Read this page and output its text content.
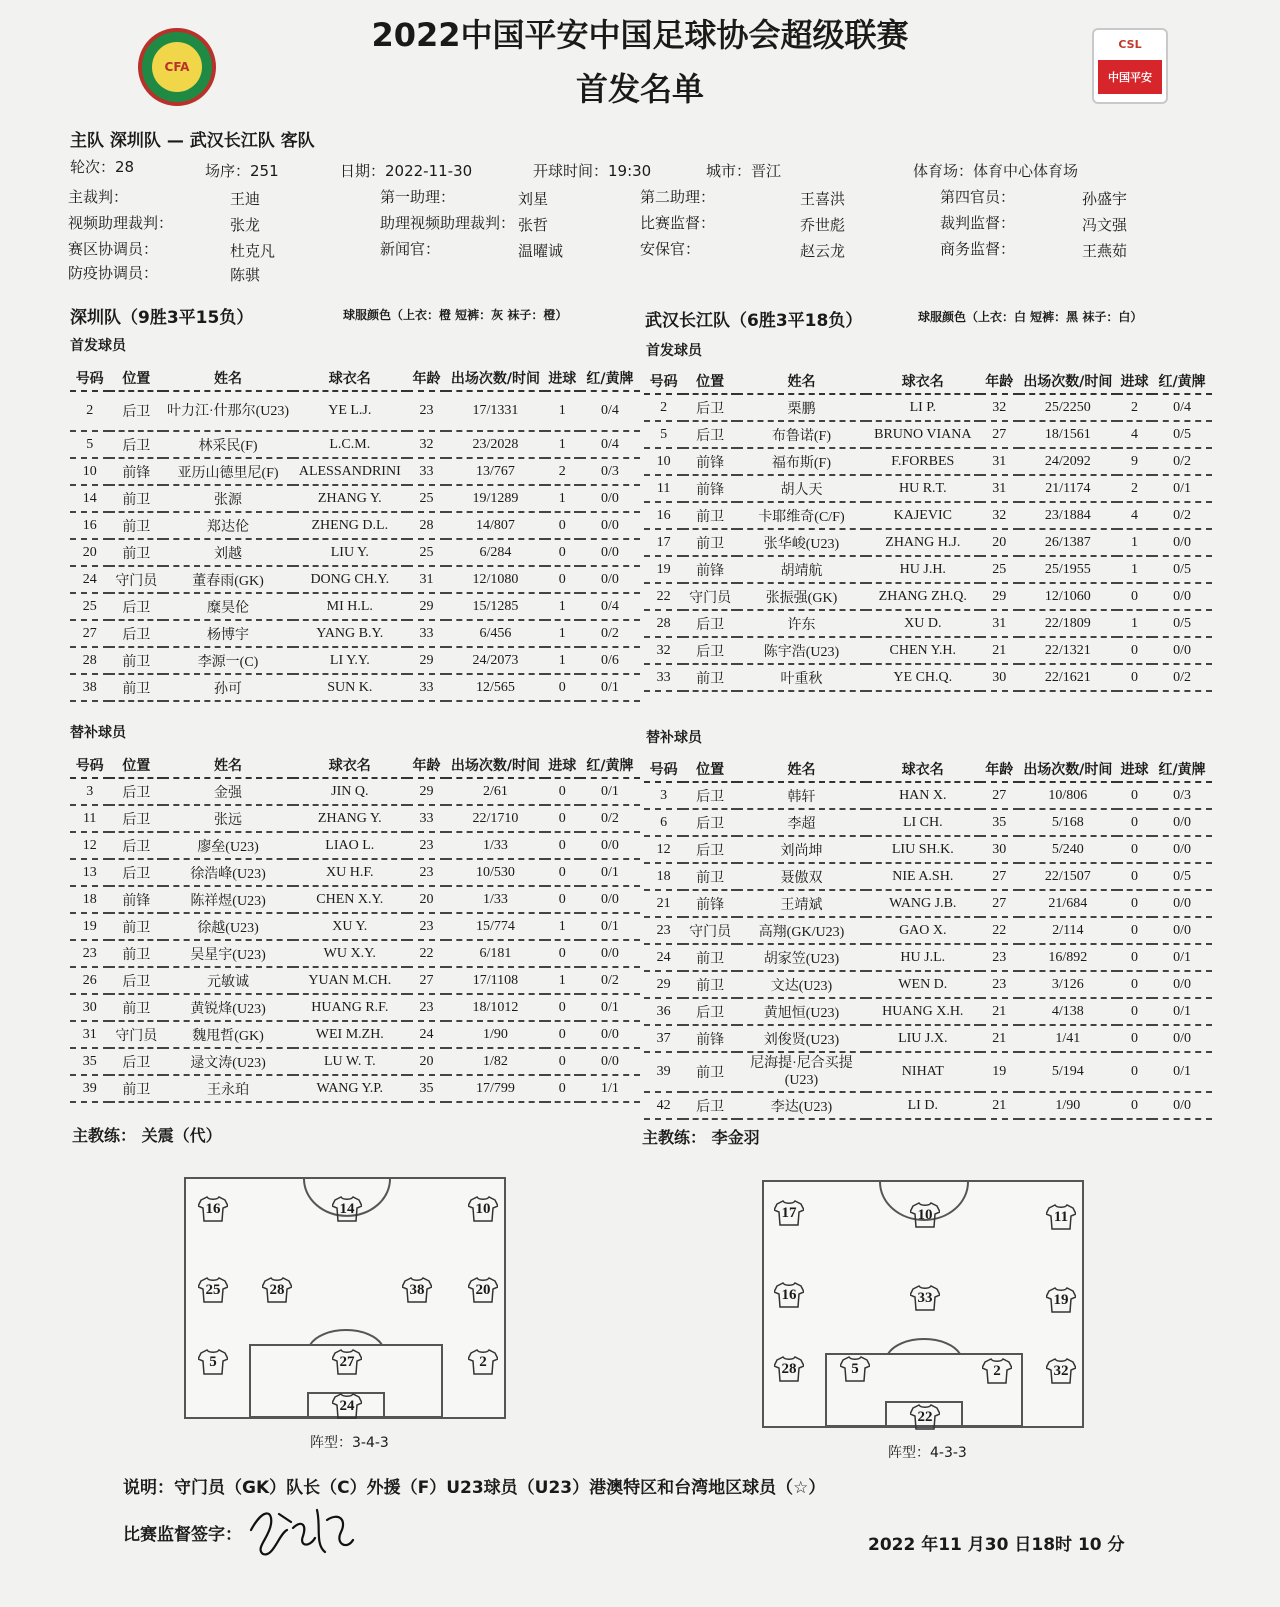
2022中国平安中国足球协会超级联赛
首发名单
CFA
CSL
中国平安
主队 深圳队 — 武汉长江队 客队
轮次：28	场序：251	日期：2022-11-30	开球时间：19:30	城市：晋江	体育场：体育中心体育场
主裁判：	王迪	第一助理：	刘星	第二助理：	王喜洪	第四官员：	孙盛宇
视频助理裁判：	张龙	助理视频助理裁判： 张哲	比赛监督：	乔世彪	裁判监督：	冯文强
赛区协调员：	杜克凡	新闻官：	温曜诚	安保官：	赵云龙	商务监督：	王燕茹
防疫协调员：	陈骐
深圳队（9胜3平15负）	球服颜色（上衣：橙 短裤：灰 袜子：橙）	武汉长江队（6胜3平18负）	球服颜色（上衣：白 短裤：黑 袜子：白）
首发球员	首发球员
号码	位置	姓名	球衣名	年龄	出场次数/时间	进球	红/黄牌
2	后卫	叶力江·什那尔(U23)	YE L.J.	23	17/1331	1	0/4
5	后卫	林采民(F)	L.C.M.	32	23/2028	1	0/4
10	前锋	亚历山德里尼(F)	ALESSANDRINI	33	13/767	2	0/3
14	前卫	张源	ZHANG Y.	25	19/1289	1	0/0
16	前卫	郑达伦	ZHENG D.L.	28	14/807	0	0/0
20	前卫	刘越	LIU Y.	25	6/284	0	0/0
24	守门员	董春雨(GK)	DONG CH.Y.	31	12/1080	0	0/0
25	后卫	糜昊伦	MI H.L.	29	15/1285	1	0/4
27	后卫	杨博宇	YANG B.Y.	33	6/456	1	0/2
28	前卫	李源一(C)	LI Y.Y.	29	24/2073	1	0/6
38	前卫	孙可	SUN K.	33	12/565	0	0/1
号码	位置	姓名	球衣名	年龄	出场次数/时间	进球	红/黄牌
2	后卫	栗鹏	LI P.	32	25/2250	2	0/4
5	后卫	布鲁诺(F)	BRUNO VIANA	27	18/1561	4	0/5
10	前锋	福布斯(F)	F.FORBES	31	24/2092	9	0/2
11	前锋	胡人天	HU R.T.	31	21/1174	2	0/1
16	前卫	卡耶维奇(C/F)	KAJEVIC	32	23/1884	4	0/2
17	前卫	张华峻(U23)	ZHANG H.J.	20	26/1387	1	0/0
19	前锋	胡靖航	HU J.H.	25	25/1955	1	0/5
22	守门员	张振强(GK)	ZHANG ZH.Q.	29	12/1060	0	0/0
28	后卫	许东	XU D.	31	22/1809	1	0/5
32	后卫	陈宇浩(U23)	CHEN Y.H.	21	22/1321	0	0/0
33	前卫	叶重秋	YE CH.Q.	30	22/1621	0	0/2
替补球员	替补球员
号码	位置	姓名	球衣名	年龄	出场次数/时间	进球	红/黄牌
3	后卫	金强	JIN Q.	29	2/61	0	0/1
11	后卫	张远	ZHANG Y.	33	22/1710	0	0/2
12	后卫	廖垒(U23)	LIAO L.	23	1/33	0	0/0
13	后卫	徐浩峰(U23)	XU H.F.	23	10/530	0	0/1
18	前锋	陈祥煜(U23)	CHEN X.Y.	20	1/33	0	0/0
19	前卫	徐越(U23)	XU Y.	23	15/774	1	0/1
23	前卫	吴星宇(U23)	WU X.Y.	22	6/181	0	0/0
26	后卫	元敏诚	YUAN M.CH.	27	17/1108	1	0/2
30	前卫	黄锐烽(U23)	HUANG R.F.	23	18/1012	0	0/1
31	守门员	魏甩哲(GK)	WEI M.ZH.	24	1/90	0	0/0
35	后卫	逯文涛(U23)	LU W. T.	20	1/82	0	0/0
39	前卫	王永珀	WANG Y.P.	35	17/799	0	1/1
号码	位置	姓名	球衣名	年龄	出场次数/时间	进球	红/黄牌
3	后卫	韩轩	HAN X.	27	10/806	0	0/3
6	后卫	李超	LI CH.	35	5/168	0	0/0
12	后卫	刘尚坤	LIU SH.K.	30	5/240	0	0/0
18	前卫	聂傲双	NIE A.SH.	27	22/1507	0	0/5
21	前锋	王靖斌	WANG J.B.	27	21/684	0	0/0
23	守门员	高翔(GK/U23)	GAO X.	22	2/114	0	0/0
24	前卫	胡家笠(U23)	HU J.L.	23	16/892	0	0/1
29	前卫	文达(U23)	WEN D.	23	3/126	0	0/0
36	后卫	黄旭恒(U23)	HUANG X.H.	21	4/138	0	0/1
37	前锋	刘俊贤(U23)	LIU J.X.	21	1/41	0	0/0
39	前卫	尼海提·尼合买提(U23)	NIHAT	19	5/194	0	0/1
42	后卫	李达(U23)	LI D.	21	1/90	0	0/0
主教练： 关震（代）	主教练： 李金羽
16	14	10
25	28	38	20
5	27	2
24
阵型：3-4-3
17	10	11
16	33	19
28	5	2	32
22
阵型：4-3-3
说明：守门员（GK）队长（C）外援（F）U23球员（U23）港澳特区和台湾地区球员（☆）
比赛监督签字：	2022 年11 月30 日18时 10 分
